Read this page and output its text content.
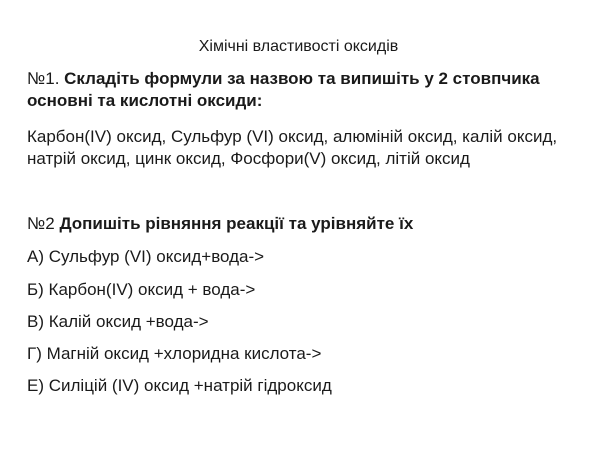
Хімічні властивості оксидів
№1. Складіть формули за назвою та випишіть у 2 стовпчика основні та кислотні оксиди:
Карбон(IV) оксид, Сульфур (VI) оксид, алюміній оксид, калій оксид, натрій оксид, цинк оксид, Фосфори(V) оксид, літій оксид
№2 Допишіть рівняння реакції та урівняйте їх
А) Сульфур (VI) оксид+вода->
Б) Карбон(IV) оксид + вода->
В) Калій оксид +вода->
Г) Магній оксид +хлоридна кислота->
Е) Силіцій (IV) оксид +натрій гідроксид
